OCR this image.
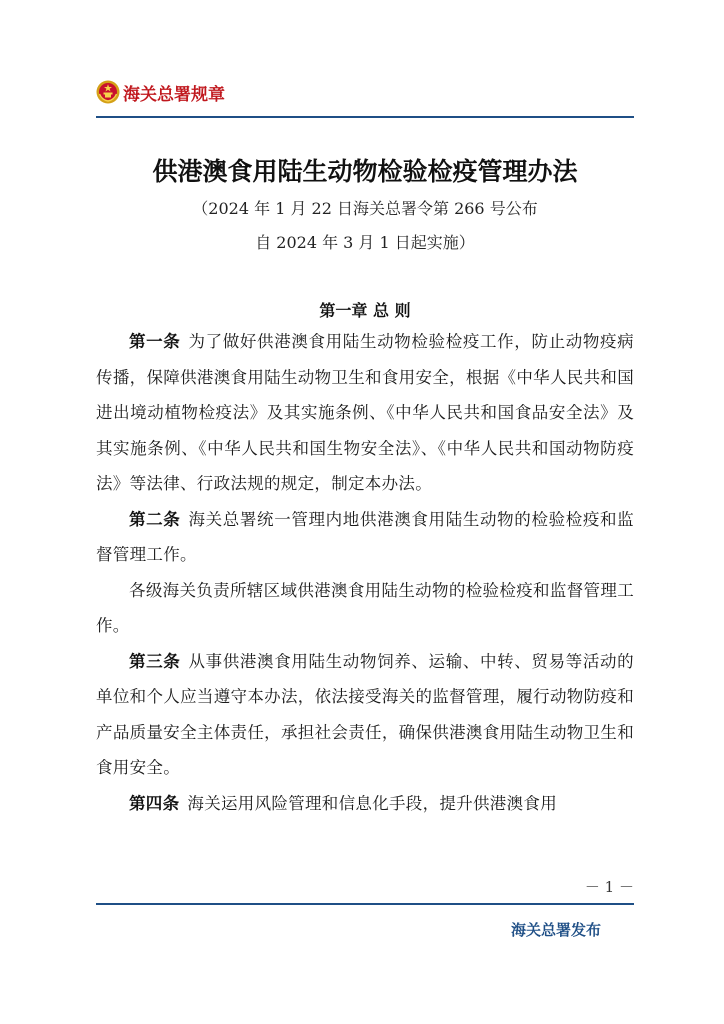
海关总署规章
供港澳食用陆生动物检验检疫管理办法
（2024 年 1 月 22 日海关总署令第 266 号公布
自 2024 年 3 月 1 日起实施）
第一章 总 则

第一条 为了做好供港澳食用陆生动物检验检疫工作，防止动物疫病传播，保障供港澳食用陆生动物卫生和食用安全，根据《中华人民共和国进出境动植物检疫法》及其实施条例、《中华人民共和国食品安全法》及其实施条例、《中华人民共和国生物安全法》、《中华人民共和国动物防疫法》等法律、行政法规的规定，制定本办法。

第二条 海关总署统一管理内地供港澳食用陆生动物的检验检疫和监督管理工作。

各级海关负责所辖区域供港澳食用陆生动物的检验检疫和监督管理工作。

第三条 从事供港澳食用陆生动物饲养、运输、中转、贸易等活动的单位和个人应当遵守本办法，依法接受海关的监督管理，履行动物防疫和产品质量安全主体责任，承担社会责任，确保供港澳食用陆生动物卫生和食用安全。

第四条 海关运用风险管理和信息化手段，提升供港澳食用

－ 1 －
海关总署发布
